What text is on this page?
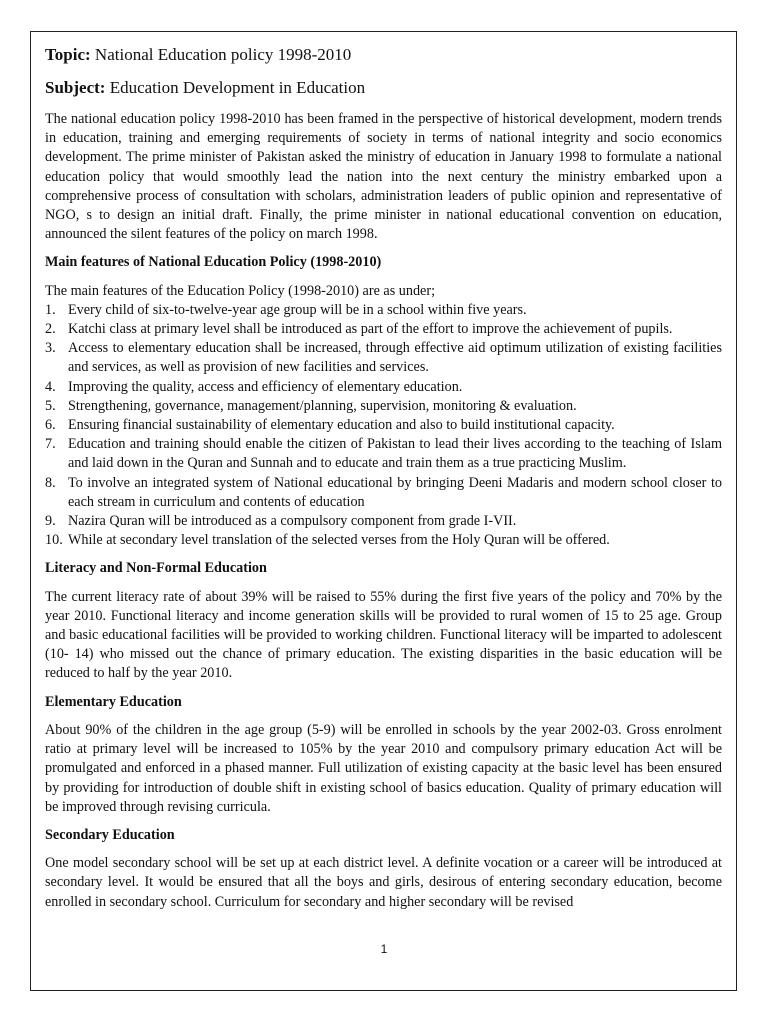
Topic: National Education policy 1998-2010
Subject: Education Development in Education

The national education policy 1998-2010 has been framed in the perspective of historical development, modern trends in education, training and emerging requirements of society in terms of national integrity and socio economics development. The prime minister of Pakistan asked the ministry of education in January 1998 to formulate a national education policy that would smoothly lead the nation into the next century the ministry embarked upon a comprehensive process of consultation with scholars, administration leaders of public opinion and representative of NGO, s to design an initial draft. Finally, the prime minister in national educational convention on education, announced the silent features of the policy on march 1998.

Main features of National Education Policy (1998-2010)

The main features of the Education Policy (1998-2010) are as under;

1. Every child of six-to-twelve-year age group will be in a school within five years.
2. Katchi class at primary level shall be introduced as part of the effort to improve the achievement of pupils.
3. Access to elementary education shall be increased, through effective aid optimum utilization of existing facilities and services, as well as provision of new facilities and services.
4. Improving the quality, access and efficiency of elementary education.
5. Strengthening, governance, management/planning, supervision, monitoring & evaluation.
6. Ensuring financial sustainability of elementary education and also to build institutional capacity.
7. Education and training should enable the citizen of Pakistan to lead their lives according to the teaching of Islam and laid down in the Quran and Sunnah and to educate and train them as a true practicing Muslim.
8. To involve an integrated system of National educational by bringing Deeni Madaris and modern school closer to each stream in curriculum and contents of education
9. Nazira Quran will be introduced as a compulsory component from grade I-VII.
10. While at secondary level translation of the selected verses from the Holy Quran will be offered.

Literacy and Non-Formal Education

The current literacy rate of about 39% will be raised to 55% during the first five years of the policy and 70% by the year 2010. Functional literacy and income generation skills will be provided to rural women of 15 to 25 age. Group and basic educational facilities will be provided to working children. Functional literacy will be imparted to adolescent (10- 14) who missed out the chance of primary education. The existing disparities in the basic education will be reduced to half by the year 2010.

Elementary Education

About 90% of the children in the age group (5-9) will be enrolled in schools by the year 2002-03. Gross enrolment ratio at primary level will be increased to 105% by the year 2010 and compulsory primary education Act will be promulgated and enforced in a phased manner. Full utilization of existing capacity at the basic level has been ensured by providing for introduction of double shift in existing school of basics education. Quality of primary education will be improved through revising curricula.

Secondary Education

One model secondary school will be set up at each district level. A definite vocation or a career will be introduced at secondary level. It would be ensured that all the boys and girls, desirous of entering secondary education, become enrolled in secondary school. Curriculum for secondary and higher secondary will be revised

1
